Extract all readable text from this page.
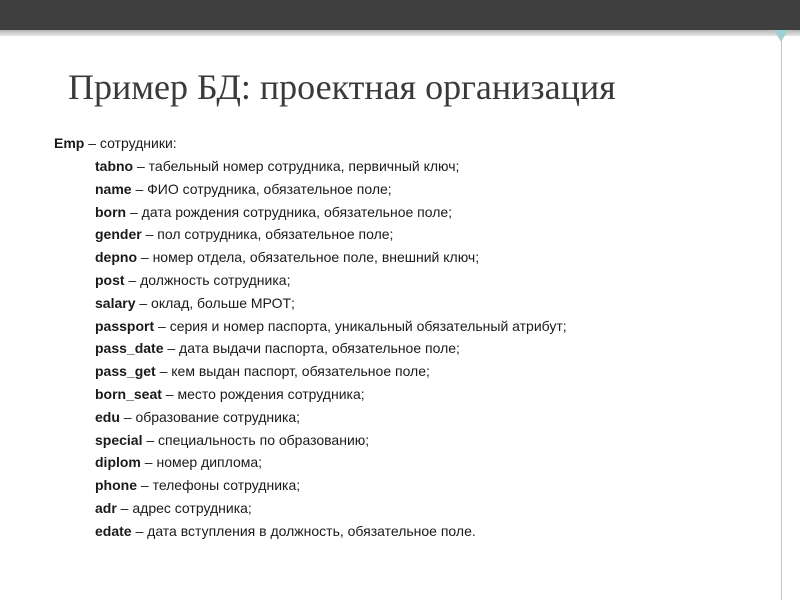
Пример БД: проектная организация
Emp – сотрудники:
tabno – табельный номер сотрудника, первичный ключ;
name – ФИО сотрудника, обязательное поле;
born – дата рождения сотрудника, обязательное поле;
gender – пол сотрудника, обязательное поле;
depno – номер отдела, обязательное поле, внешний ключ;
post – должность сотрудника;
salary – оклад, больше МРОТ;
passport – серия и номер паспорта, уникальный обязательный атрибут;
pass_date – дата выдачи паспорта, обязательное поле;
pass_get – кем выдан паспорт, обязательное поле;
born_seat – место рождения сотрудника;
edu – образование сотрудника;
special – специальность по образованию;
diplom – номер диплома;
phone – телефоны сотрудника;
adr – адрес сотрудника;
edate – дата вступления в должность, обязательное поле.
